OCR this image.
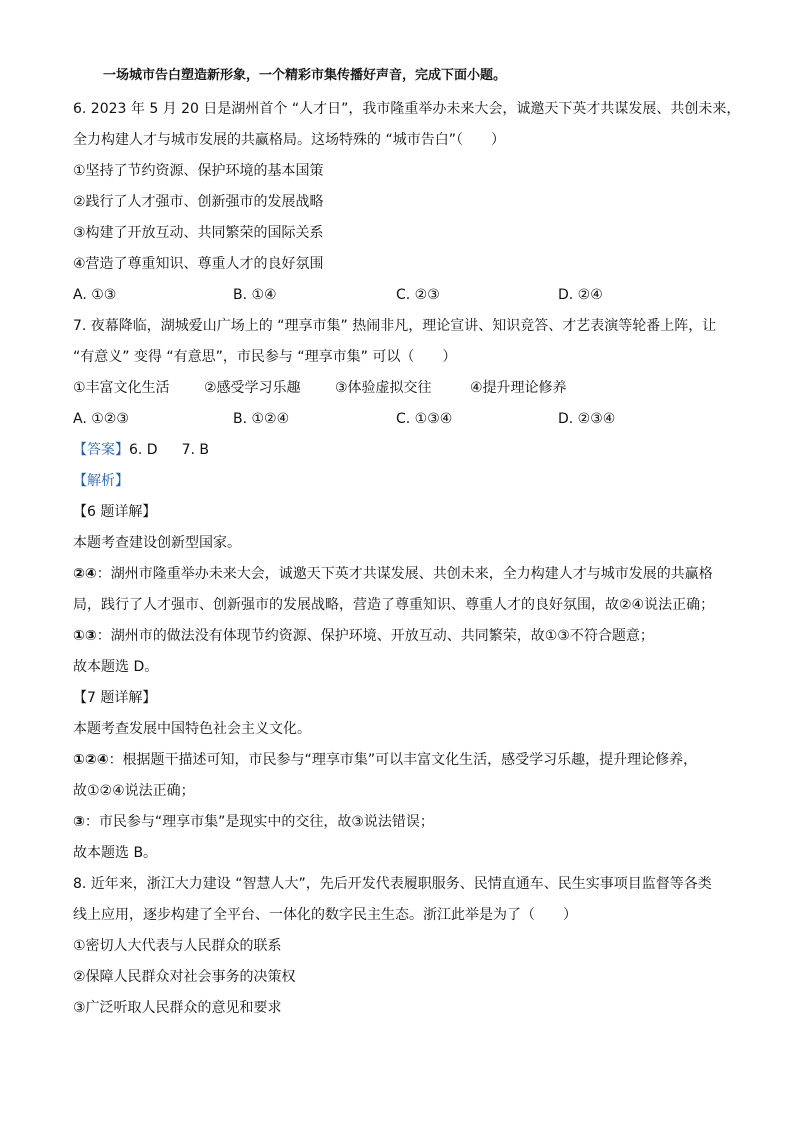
一场城市告白塑造新形象，一个精彩市集传播好声音，完成下面小题。
6. 2023 年 5 月 20 日是湖州首个 “人才日”，我市隆重举办未来大会，诚邀天下英才共谋发展、共创未来，
全力构建人才与城市发展的共赢格局。这场特殊的 “城市告白”（　　）
①坚持了节约资源、保护环境的基本国策
②践行了人才强市、创新强市的发展战略
③构建了开放互动、共同繁荣的国际关系
④营造了尊重知识、尊重人才的良好氛围
A. ①③	B. ①④	C. ②③	D. ②④
7. 夜幕降临，湖城爱山广场上的 “理享市集” 热闹非凡，理论宣讲、知识竞答、才艺表演等轮番上阵，让
“有意义” 变得 “有意思”，市民参与 “理享市集” 可以（　　）
①丰富文化生活 ②感受学习乐趣 ③体验虚拟交往	④提升理论修养
A. ①②③	B. ①②④	C. ①③④	D. ②③④
【答案】6. D 7. B
【解析】
【6 题详解】
本题考查建设创新型国家。
②④：湖州市隆重举办未来大会，诚邀天下英才共谋发展、共创未来，全力构建人才与城市发展的共赢格
局，践行了人才强市、创新强市的发展战略，营造了尊重知识、尊重人才的良好氛围，故②④说法正确；
①③：湖州市的做法没有体现节约资源、保护环境、开放互动、共同繁荣，故①③不符合题意；
故本题选 D。
【7 题详解】
本题考查发展中国特色社会主义文化。
①②④：根据题干描述可知，市民参与“理享市集”可以丰富文化生活，感受学习乐趣，提升理论修养，
故①②④说法正确；
③：市民参与“理享市集”是现实中的交往，故③说法错误；
故本题选 B。
8. 近年来，浙江大力建设 “智慧人大”，先后开发代表履职服务、民情直通车、民生实事项目监督等各类
线上应用，逐步构建了全平台、一体化的数字民主生态。浙江此举是为了（　　）
①密切人大代表与人民群众的联系
②保障人民群众对社会事务的决策权
③广泛听取人民群众的意见和要求
